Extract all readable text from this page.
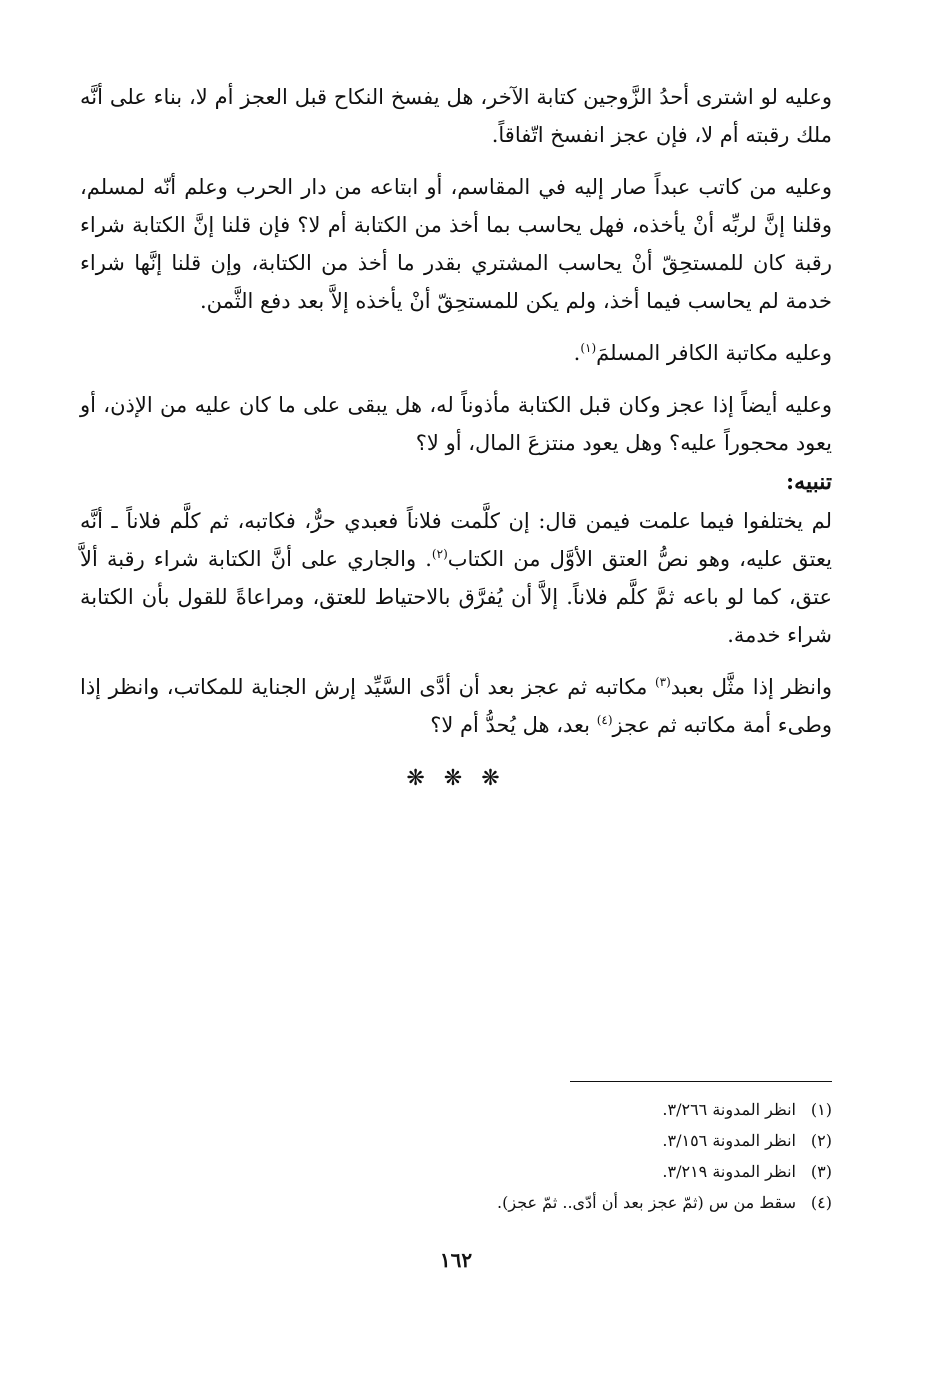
وعليه لو اشترى أحدُ الزَّوجين كتابة الآخر، هل يفسخ النكاح قبل العجز أم لا، بناء على أنَّه ملك رقبته أم لا، فإن عجز انفسخ اتّفاقاً.

وعليه من كاتب عبداً صار إليه في المقاسم، أو ابتاعه من دار الحرب وعلم أنّه لمسلم، وقلنا إنَّ لربِّه أنْ يأخذه، فهل يحاسب بما أخذ من الكتابة أم لا؟ فإن قلنا إنَّ الكتابة شراء رقبة كان للمستحِقّ أنْ يحاسب المشتري بقدر ما أخذ من الكتابة، وإن قلنا إنَّها شراء خدمة لم يحاسب فيما أخذ، ولم يكن للمستحِقّ أنْ يأخذه إلاَّ بعد دفع الثَّمن.

وعليه مكاتبة الكافر المسلمَ$^{(١)}$.

وعليه أيضاً إذا عجز وكان قبل الكتابة مأذوناً له، هل يبقى على ما كان عليه من الإذن، أو يعود محجوراً عليه؟ وهل يعود منتزعَ المال، أو لا؟

تنبيه:

لم يختلفوا فيما علمت فيمن قال: إن كلَّمت فلاناً فعبدي حرٌّ، فكاتبه، ثم كلَّم فلاناً ـ أنَّه يعتق عليه، وهو نصُّ العتق الأوَّل من الكتاب$^{(٢)}$. والجاري على أنَّ الكتابة شراء رقبة ألاَّ عتق، كما لو باعه ثمَّ كلَّم فلاناً. إلاَّ أن يُفرَّق بالاحتياط للعتق، ومراعاةً للقول بأن الكتابة شراء خدمة.

وانظر إذا مثَّل بعبد$^{(٣)}$ مكاتبه ثم عجز بعد أن أدَّى السَّيِّد إرش الجناية للمكاتب، وانظر إذا وطىء أمة مكاتبه ثم عجز$^{(٤)}$ بعد، هل يُحدُّ أم لا؟

❋ ❋ ❋
(١)
انظر المدونة ٣/٢٦٦.
(٢)
انظر المدونة ٣/١٥٦.
(٣)
انظر المدونة ٣/٢١٩.
(٤)
سقط من س (ثمّ عجز بعد أن أدّى.. ثمّ عجز).
١٦٢
